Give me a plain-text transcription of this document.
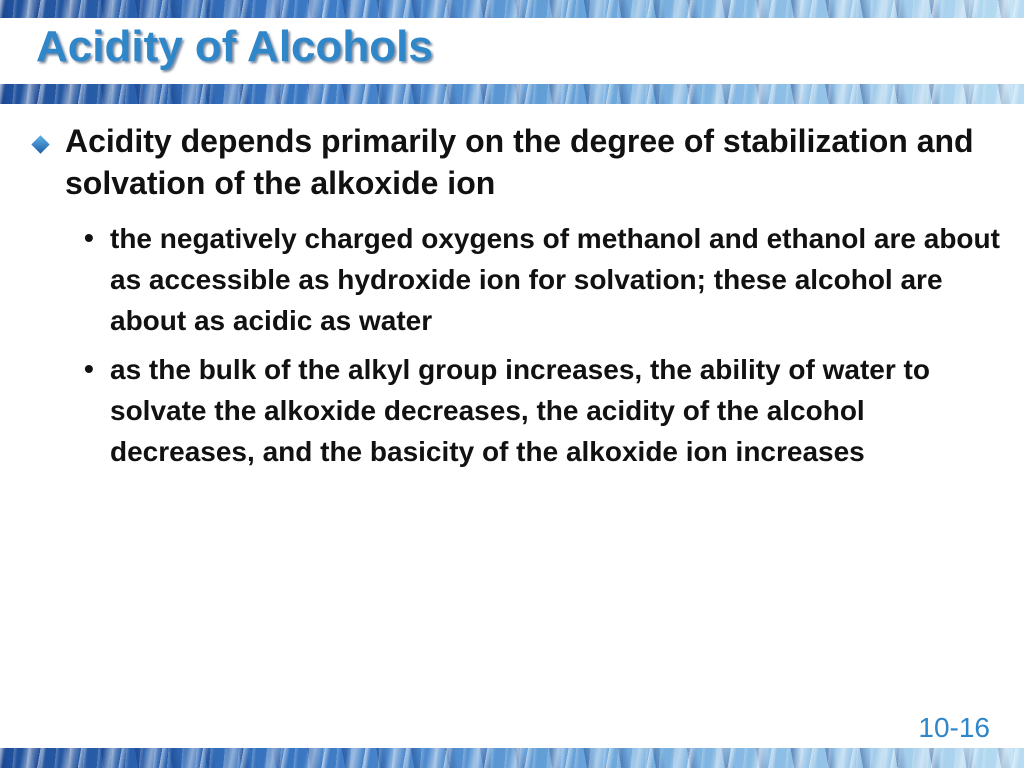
Acidity of Alcohols
Acidity depends primarily on the degree of stabilization and solvation of the alkoxide ion
• the negatively charged oxygens of methanol and ethanol are about as accessible as hydroxide ion for solvation; these alcohol are about as acidic as water
• as the bulk of the alkyl group increases, the ability of water to solvate the alkoxide decreases, the acidity of the alcohol decreases, and the basicity of the alkoxide ion increases
10-16
